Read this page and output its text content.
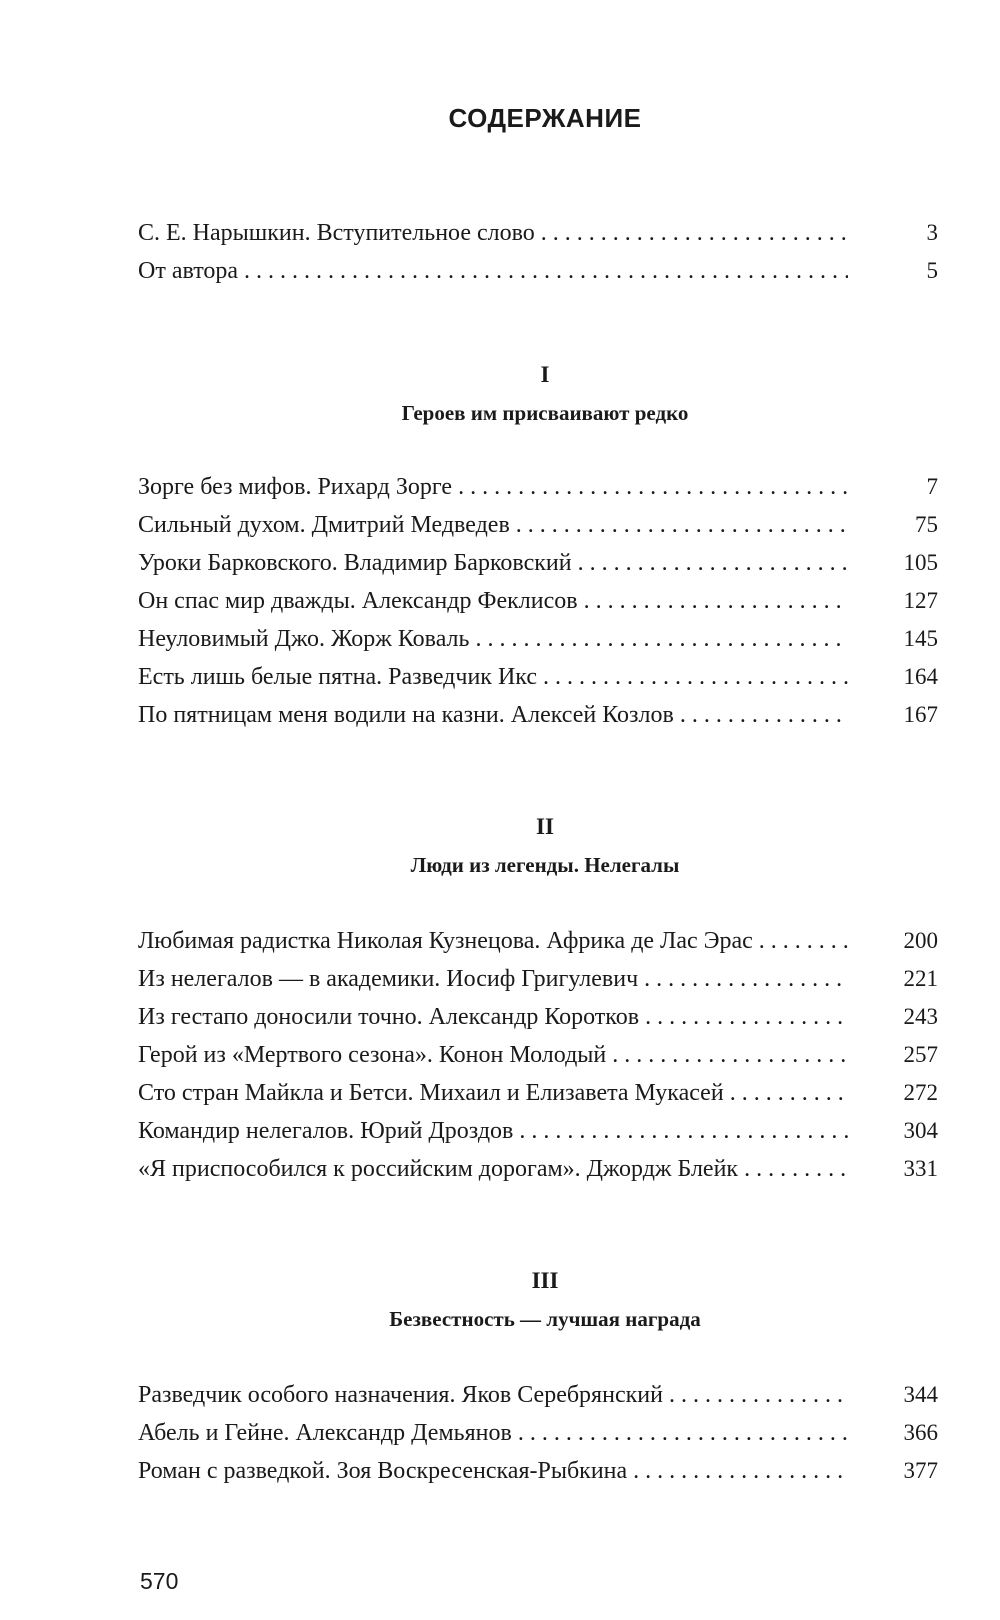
СОДЕРЖАНИЕ
С. Е. Нарышкин. Вступительное слово . . .	3
От автора . . .	5
I
Героев им присваивают редко
Зорге без мифов. Рихард Зорге . . .	7
Сильный духом. Дмитрий Медведев . . .	75
Уроки Барковского. Владимир Барковский . . .	105
Он спас мир дважды. Александр Феклисов . . .	127
Неуловимый Джо. Жорж Коваль . . .	145
Есть лишь белые пятна. Разведчик Икс . . .	164
По пятницам меня водили на казни. Алексей Козлов . . .	167
II
Люди из легенды. Нелегалы
Любимая радистка Николая Кузнецова. Африка де Лас Эрас . . .	200
Из нелегалов — в академики. Иосиф Григулевич . . .	221
Из гестапо доносили точно. Александр Коротков . . .	243
Герой из «Мертвого сезона». Конон Молодый . . .	257
Сто стран Майкла и Бетси. Михаил и Елизавета Мукасей . . .	272
Командир нелегалов. Юрий Дроздов . . .	304
«Я приспособился к российским дорогам». Джордж Блейк . . .	331
III
Безвестность — лучшая награда
Разведчик особого назначения. Яков Серебрянский . . .	344
Абель и Гейне. Александр Демьянов . . .	366
Роман с разведкой. Зоя Воскресенская-Рыбкина . . .	377
570
